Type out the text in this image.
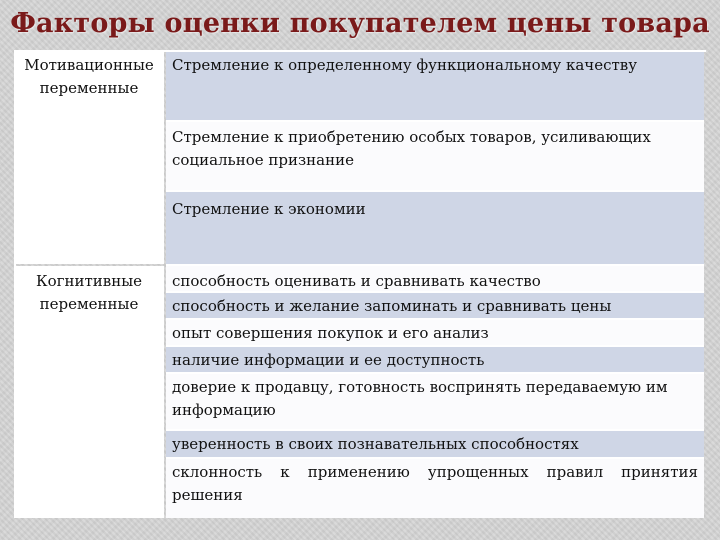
Факторы оценки покупателем цены товара
Мотивационные
переменные
Когнитивные
переменные
Стремление к определенному функциональному качеству
Стремление к приобретению особых товаров, усиливающих социальное признание
Стремление к экономии
способность оценивать и сравнивать качество
способность и желание запоминать и сравнивать цены
опыт совершения покупок и его анализ
наличие информации и ее доступность
доверие к продавцу, готовность воспринять передаваемую им информацию
уверенность в своих познавательных способностях
склонность к применению упрощенных правил принятия решения
